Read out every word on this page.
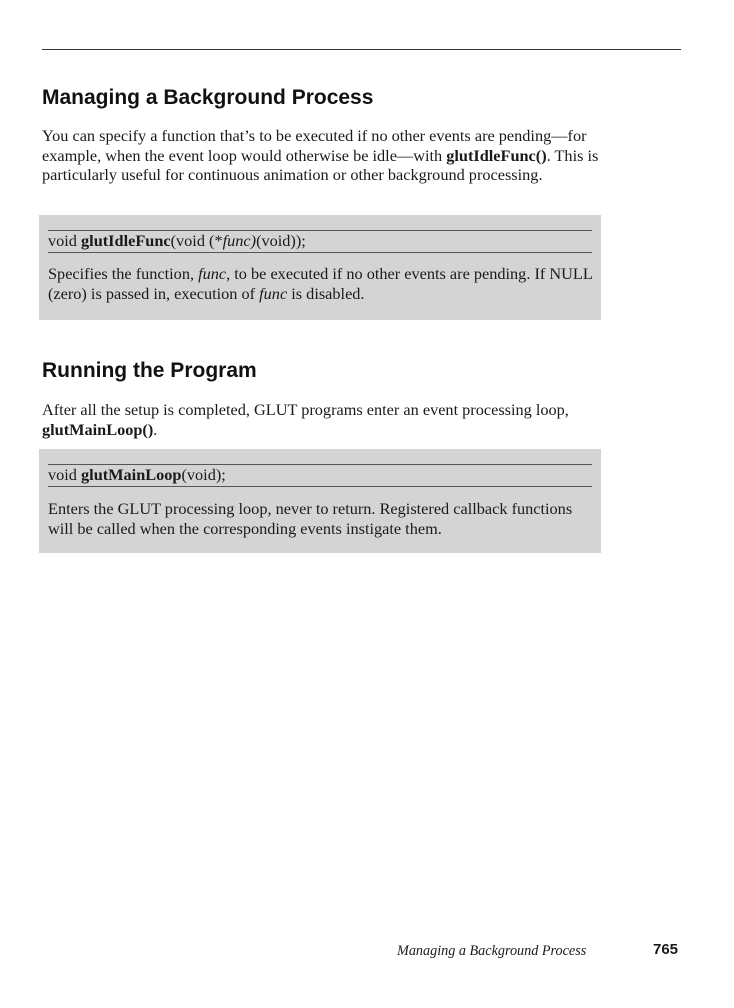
Managing a Background Process

You can specify a function that’s to be executed if no other events are pending—for example, when the event loop would otherwise be idle—with glutIdleFunc(). This is particularly useful for continuous animation or other background processing.

void glutIdleFunc(void (*func)(void));

Specifies the function, func, to be executed if no other events are pending. If NULL (zero) is passed in, execution of func is disabled.

Running the Program

After all the setup is completed, GLUT programs enter an event processing loop, glutMainLoop().

void glutMainLoop(void);

Enters the GLUT processing loop, never to return. Registered callback functions will be called when the corresponding events instigate them.

Managing a Background Process	765
